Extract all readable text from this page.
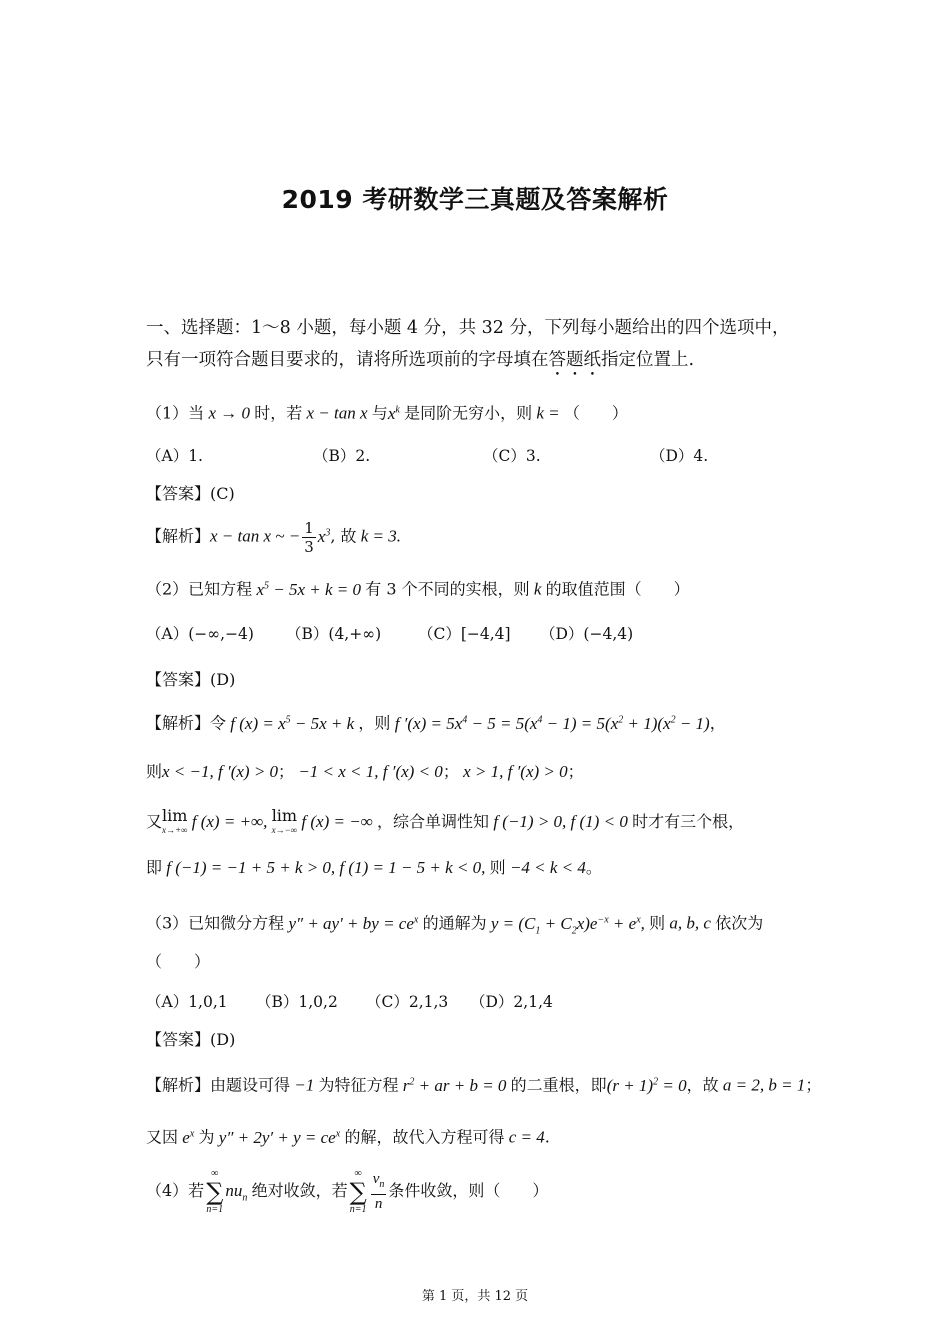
2019 考研数学三真题及答案解析
一、选择题：1～8 小题，每小题 4 分，共 32 分，下列每小题给出的四个选项中，
只有一项符合题目要求的，请将所选项前的字母填在答题纸指定位置上.
（1）当 x → 0 时，若 x − tan x 与$x^k$ 是同阶无穷小，则 k = （　　）
（A）1.	（B）2.	（C）3.	（D）4.
【答案】(C)
【解析】x − tan x ~ − $\frac{1}{3} x^3$, 故 k = 3.
（2）已知方程 $x^5 - 5x + k = 0$ 有 3 个不同的实根，则 k 的取值范围（　　）
（A）(−∞,−4) （B）(4,+∞) （C）[−4,4] （D）(−4,4)
【答案】(D)
【解析】令 f $(x) = x^5 - 5x + k$ ，则 f $'(x) = 5x^4 - 5 = 5(x^4 - 1) = 5(x^2 + 1)(x^2 - 1)$，
则x < −1, f ′(x) > 0； −1 < x < 1, f ′(x) < 0； x > 1, f ′(x) > 0；
又 lim
x→+∞ f (x) = +∞, lim
x→−∞ f (x) = −∞ ，综合单调性知 f (−1) > 0, f (1) < 0 时才有三个根，
即 f (−1) = −1 + 5 + k > 0, f (1) = 1 − 5 + k < 0, 则 −4 < k < 4。
（3）已知微分方程 y″ + ay′ + by = $ce^x$ 的通解为 $y = (C_1 + C_2x)e^{-x} + e^x$, 则 a, b, c 依次为
（　　）
（A）1,0,1 （B）1,0,2 （C）2,1,3 （D）2,1,4
【答案】(D)
【解析】由题设可得 −1 为特征方程 $r^2$ + ar + b = 0 的二重根，即$(r + 1)^2 = 0$，故 a = 2, b = 1；
又因 $e^x$ 为 $y'' + 2y' + y = ce^x$ 的解，故代入方程可得 c = 4.
（4）若
∞
∑
n=1
$nu_n$ 绝对收敛，若
∞
∑
$n=1 \frac{v_n}{n}$ 条件收敛，则（　　）
第 1 页，共 12 页
